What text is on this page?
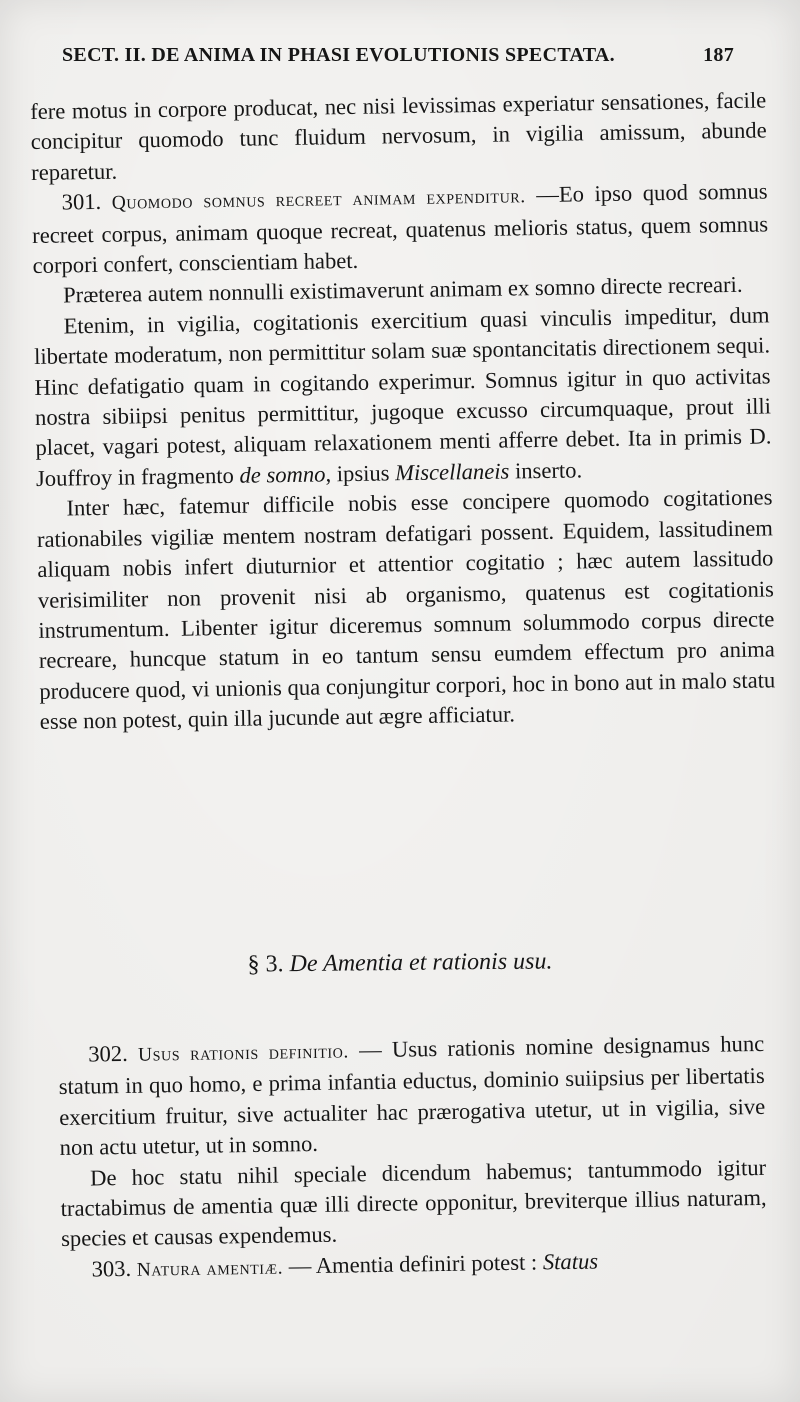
SECT. II. DE ANIMA IN PHASI EVOLUTIONIS SPECTATA.	187

fere motus in corpore producat, nec nisi levissimas experiatur sensationes, facile concipitur quomodo tunc fluidum nervosum, in vigilia amissum, abunde reparetur.

301. Quomodo somnus recreet animam expenditur. —Eo ipso quod somnus recreet corpus, animam quoque recreat, quatenus melioris status, quem somnus corpori confert, conscientiam habet.

Præterea autem nonnulli existimaverunt animam ex somno directe recreari.

Etenim, in vigilia, cogitationis exercitium quasi vinculis impeditur, dum libertate moderatum, non permittitur solam suæ spontancitatis directionem sequi. Hinc defatigatio quam in cogitando experimur. Somnus igitur in quo activitas nostra sibiipsi penitus permittitur, jugoque excusso circumquaque, prout illi placet, vagari potest, aliquam relaxationem menti afferre debet. Ita in primis D. Jouffroy in fragmento de somno, ipsius Miscellaneis inserto.

Inter hæc, fatemur difficile nobis esse concipere quomodo cogitationes rationabiles vigiliæ mentem nostram defatigari possent. Equidem, lassitudinem aliquam nobis infert diuturnior et attentior cogitatio ; hæc autem lassitudo verisimiliter non provenit nisi ab organismo, quatenus est cogitationis instrumentum. Libenter igitur diceremus somnum solummodo corpus directe recreare, huncque statum in eo tantum sensu eumdem effectum pro anima producere quod, vi unionis qua conjungitur corpori, hoc in bono aut in malo statu esse non potest, quin illa jucunde aut ægre afficiatur.

§ 3. De Amentia et rationis usu.

302. Usus rationis definitio. — Usus rationis nomine designamus hunc statum in quo homo, e prima infantia eductus, dominio suiipsius per libertatis exercitium fruitur, sive actualiter hac prærogativa utetur, ut in vigilia, sive non actu utetur, ut in somno.

De hoc statu nihil speciale dicendum habemus; tantummodo igitur tractabimus de amentia quæ illi directe opponitur, breviterque illius naturam, species et causas expendemus.

303. Natura amentiæ. — Amentia definiri potest : Status
